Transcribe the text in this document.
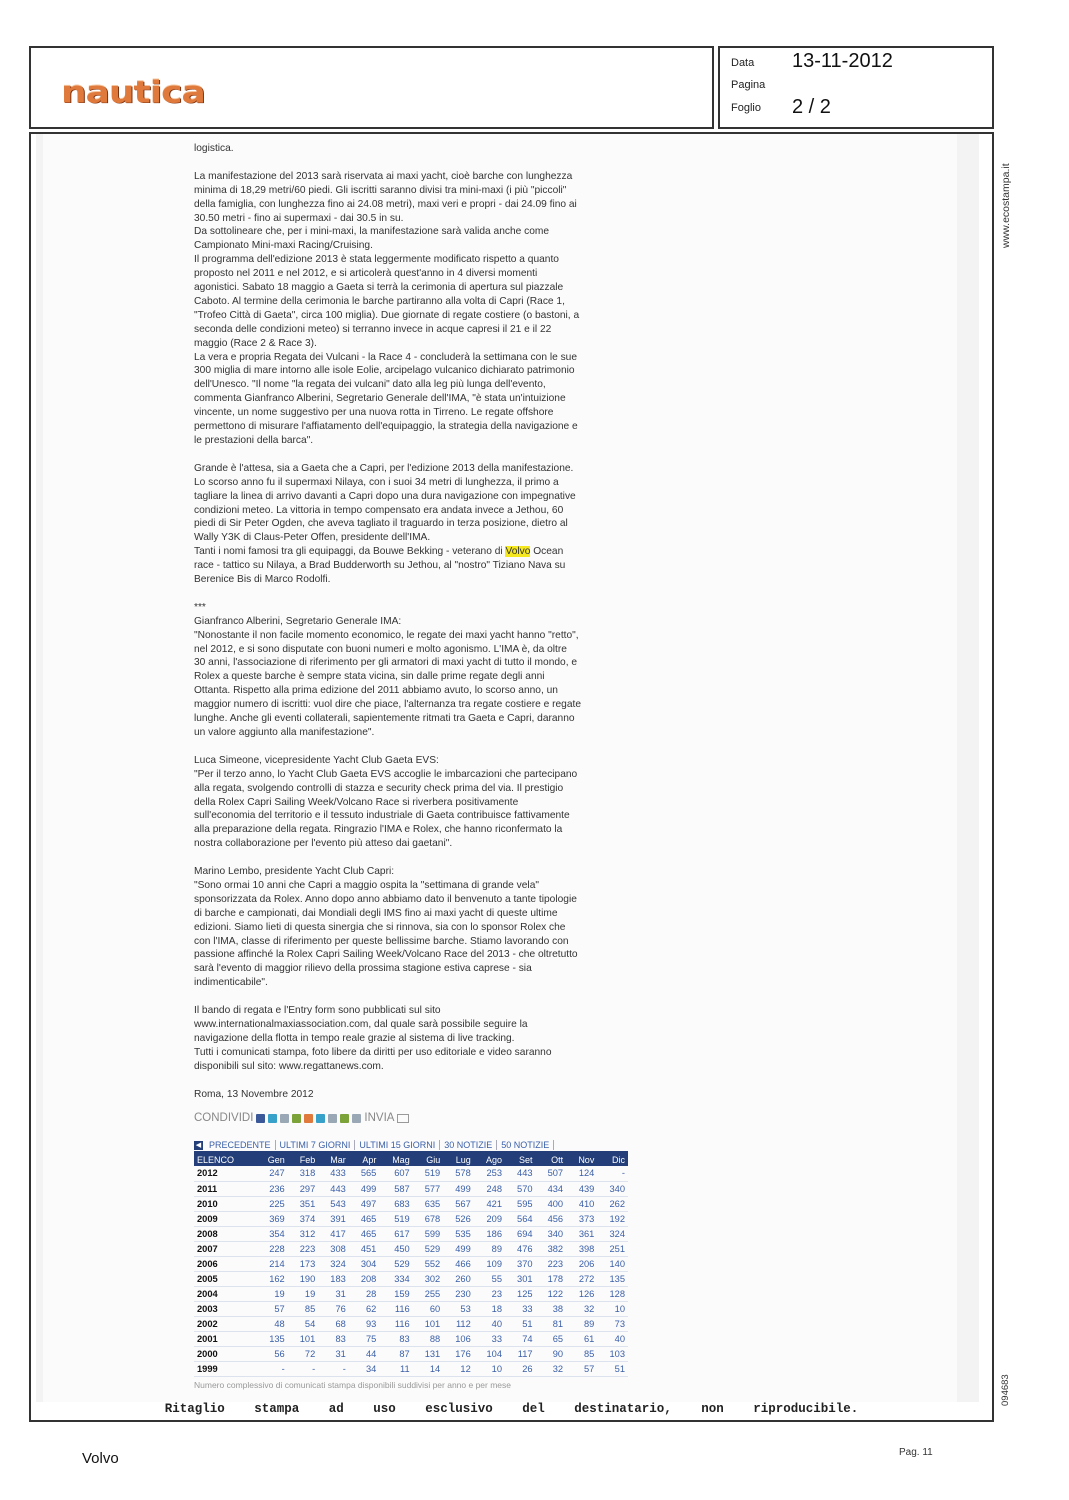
nautica
Data 13-11-2012
Pagina
Foglio 2 / 2

logistica.

La manifestazione del 2013 sarà riservata ai maxi yacht, cioè barche con lunghezza
minima di 18,29 metri/60 piedi. Gli iscritti saranno divisi tra mini-maxi (i più "piccoli"
della famiglia, con lunghezza fino ai 24.08 metri), maxi veri e propri - dai 24.09 fino ai
30.50 metri - fino ai supermaxi - dai 30.5 in su.
Da sottolineare che, per i mini-maxi, la manifestazione sarà valida anche come
Campionato Mini-maxi Racing/Cruising.
Il programma dell'edizione 2013 è stata leggermente modificato rispetto a quanto
proposto nel 2011 e nel 2012, e si articolerà quest'anno in 4 diversi momenti
agonistici. Sabato 18 maggio a Gaeta si terrà la cerimonia di apertura sul piazzale
Caboto. Al termine della cerimonia le barche partiranno alla volta di Capri (Race 1,
"Trofeo Città di Gaeta", circa 100 miglia). Due giornate di regate costiere (o bastoni, a
seconda delle condizioni meteo) si terranno invece in acque capresi il 21 e il 22
maggio (Race 2 & Race 3).
La vera e propria Regata dei Vulcani - la Race 4 - concluderà la settimana con le sue
300 miglia di mare intorno alle isole Eolie, arcipelago vulcanico dichiarato patrimonio
dell'Unesco. "Il nome "la regata dei vulcani" dato alla leg più lunga dell'evento,
commenta Gianfranco Alberini, Segretario Generale dell'IMA, "è stata un'intuizione
vincente, un nome suggestivo per una nuova rotta in Tirreno. Le regate offshore
permettono di misurare l'affiatamento dell'equipaggio, la strategia della navigazione e
le prestazioni della barca".

Grande è l'attesa, sia a Gaeta che a Capri, per l'edizione 2013 della manifestazione.
Lo scorso anno fu il supermaxi Nilaya, con i suoi 34 metri di lunghezza, il primo a
tagliare la linea di arrivo davanti a Capri dopo una dura navigazione con impegnative
condizioni meteo. La vittoria in tempo compensato era andata invece a Jethou, 60
piedi di Sir Peter Ogden, che aveva tagliato il traguardo in terza posizione, dietro al
Wally Y3K di Claus-Peter Offen, presidente dell'IMA.

Tanti i nomi famosi tra gli equipaggi, da Bouwe Bekking - veterano di Volvo Ocean
race - tattico su Nilaya, a Brad Budderworth su Jethou, al "nostro" Tiziano Nava su
Berenice Bis di Marco Rodolfi.

***
Gianfranco Alberini, Segretario Generale IMA:
"Nonostante il non facile momento economico, le regate dei maxi yacht hanno "retto",
nel 2012, e si sono disputate con buoni numeri e molto agonismo. L'IMA è, da oltre
30 anni, l'associazione di riferimento per gli armatori di maxi yacht di tutto il mondo, e
Rolex a queste barche è sempre stata vicina, sin dalle prime regate degli anni
Ottanta. Rispetto alla prima edizione del 2011 abbiamo avuto, lo scorso anno, un
maggior numero di iscritti: vuol dire che piace, l'alternanza tra regate costiere e regate
lunghe. Anche gli eventi collaterali, sapientemente ritmati tra Gaeta e Capri, daranno
un valore aggiunto alla manifestazione".

Luca Simeone, vicepresidente Yacht Club Gaeta EVS:
"Per il terzo anno, lo Yacht Club Gaeta EVS accoglie le imbarcazioni che partecipano
alla regata, svolgendo controlli di stazza e security check prima del via. Il prestigio
della Rolex Capri Sailing Week/Volcano Race si riverbera positivamente
sull'economia del territorio e il tessuto industriale di Gaeta contribuisce fattivamente
alla preparazione della regata. Ringrazio l'IMA e Rolex, che hanno riconfermato la
nostra collaborazione per l'evento più atteso dai gaetani".

Marino Lembo, presidente Yacht Club Capri:
"Sono ormai 10 anni che Capri a maggio ospita la "settimana di grande vela"
sponsorizzata da Rolex. Anno dopo anno abbiamo dato il benvenuto a tante tipologie
di barche e campionati, dai Mondiali degli IMS fino ai maxi yacht di queste ultime
edizioni. Siamo lieti di questa sinergia che si rinnova, sia con lo sponsor Rolex che
con l'IMA, classe di riferimento per queste bellissime barche. Stiamo lavorando con
passione affinché la Rolex Capri Sailing Week/Volcano Race del 2013 - che oltretutto
sarà l'evento di maggior rilievo della prossima stagione estiva caprese - sia
indimenticabile".

Il bando di regata e l'Entry form sono pubblicati sul sito
www.internationalmaxiassociation.com, dal quale sarà possibile seguire la
navigazione della flotta in tempo reale grazie al sistema di live tracking.
Tutti i comunicati stampa, foto libere da diritti per uso editoriale e video saranno
disponibili sul sito: www.regattanews.com.

Roma, 13 Novembre 2012

CONDIVIDI	INVIA
◀ PRECEDENTE	ULTIMI 7 GIORNI	ULTIMI 15 GIORNI	30 NOTIZIE	50 NOTIZIE
ELENCO	Gen	Feb	Mar	Apr	Mag	Giu	Lug	Ago	Set	Ott	Nov	Dic
2012	247	318	433	565	607	519	578	253	443	507	124	-
2011	236	297	443	499	587	577	499	248	570	434	439	340
2010	225	351	543	497	683	635	567	421	595	400	410	262
2009	369	374	391	465	519	678	526	209	564	456	373	192
2008	354	312	417	465	617	599	535	186	694	340	361	324
2007	228	223	308	451	450	529	499	89	476	382	398	251
2006	214	173	324	304	529	552	466	109	370	223	206	140
2005	162	190	183	208	334	302	260	55	301	178	272	135
2004	19	19	31	28	159	255	230	23	125	122	126	128
2003	57	85	76	62	116	60	53	18	33	38	32	10
2002	48	54	68	93	116	101	112	40	51	81	89	73
2001	135	101	83	75	83	88	106	33	74	65	61	40
2000	56	72	31	44	87	131	176	104	117	90	85	103
1999	-	-	-	34	11	14	12	10	26	32	57	51
Numero complessivo di comunicati stampa disponibili suddivisi per anno e per mese
Ritaglio stampa ad uso esclusivo del destinatario, non riproducibile.
www.ecostampa.it
094683
Volvo	Pag. 11
